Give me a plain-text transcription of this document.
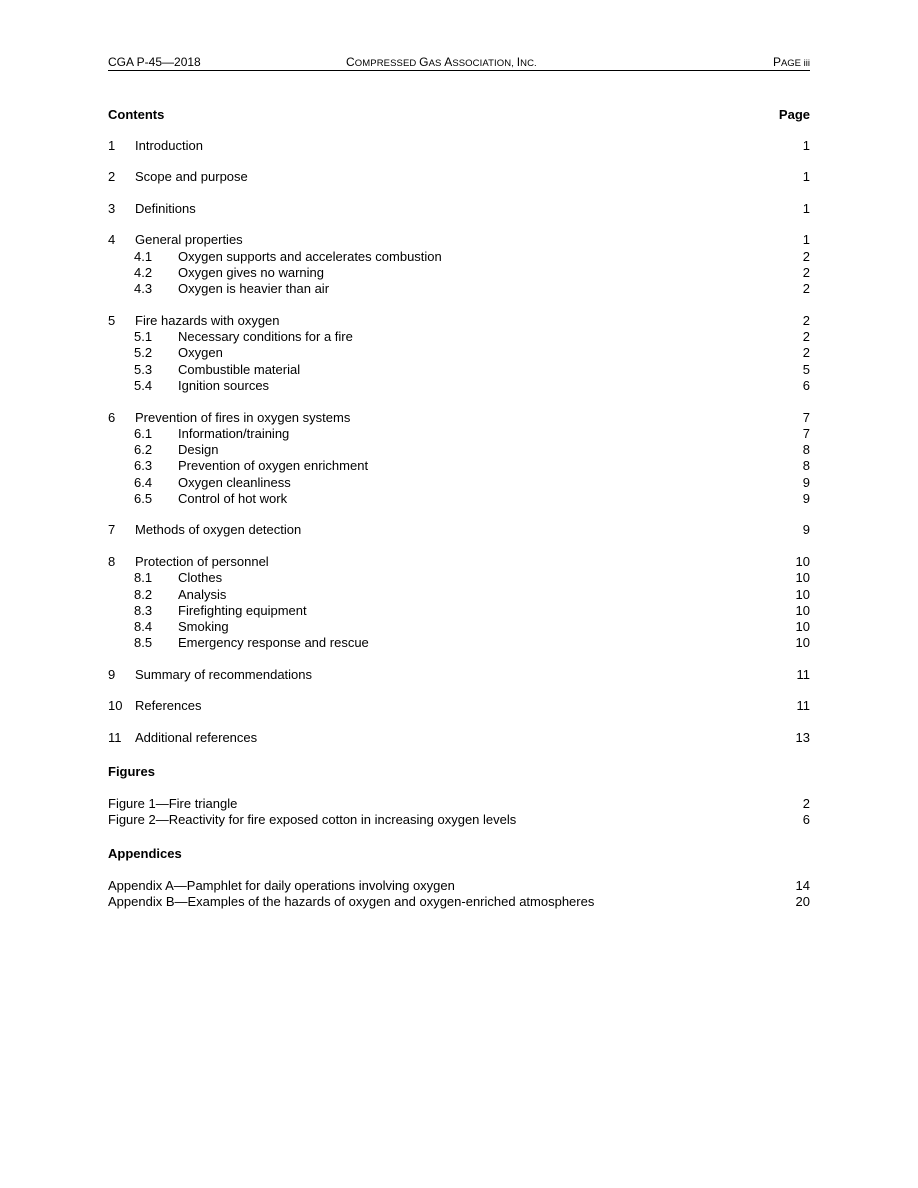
CGA P-45—2018	COMPRESSED GAS ASSOCIATION, INC.	PAGE iii
Contents	Page
1	Introduction	1
2	Scope and purpose	1
3	Definitions	1
4	General properties	1
4.1	Oxygen supports and accelerates combustion	2
4.2	Oxygen gives no warning	2
4.3	Oxygen is heavier than air	2
5	Fire hazards with oxygen	2
5.1	Necessary conditions for a fire	2
5.2	Oxygen	2
5.3	Combustible material	5
5.4	Ignition sources	6
6	Prevention of fires in oxygen systems	7
6.1	Information/training	7
6.2	Design	8
6.3	Prevention of oxygen enrichment	8
6.4	Oxygen cleanliness	9
6.5	Control of hot work	9
7	Methods of oxygen detection	9
8	Protection of personnel	10
8.1	Clothes	10
8.2	Analysis	10
8.3	Firefighting equipment	10
8.4	Smoking	10
8.5	Emergency response and rescue	10
9	Summary of recommendations	11
10 References	11
11	Additional references	13
Figures
Figure 1—Fire triangle	2
Figure 2—Reactivity for fire exposed cotton in increasing oxygen levels	6
Appendices
Appendix A—Pamphlet for daily operations involving oxygen	14
Appendix B—Examples of the hazards of oxygen and oxygen-enriched atmospheres	20
